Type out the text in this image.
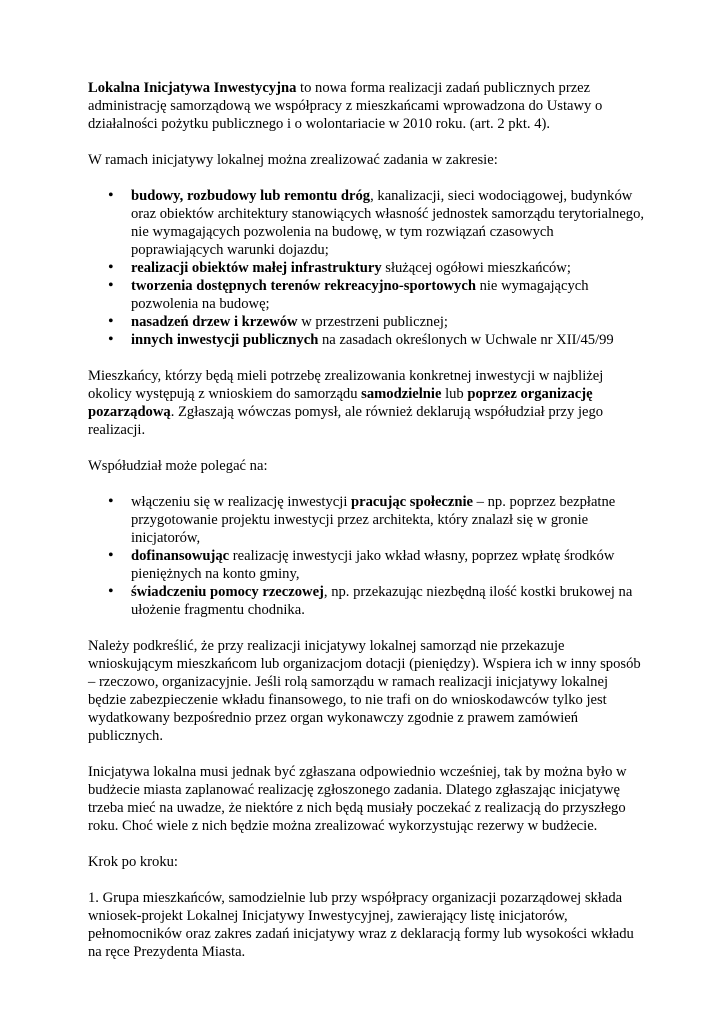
Lokalna Inicjatywa Inwestycyjna to nowa forma realizacji zadań publicznych przez administrację samorządową we współpracy z mieszkańcami wprowadzona do Ustawy o działalności pożytku publicznego i o wolontariacie w 2010 roku. (art. 2 pkt. 4).

W ramach inicjatywy lokalnej można zrealizować zadania w zakresie:

• budowy, rozbudowy lub remontu dróg, kanalizacji, sieci wodociągowej, budynków oraz obiektów architektury stanowiących własność jednostek samorządu terytorialnego, nie wymagających pozwolenia na budowę, w tym rozwiązań czasowych poprawiających warunki dojazdu;
• realizacji obiektów małej infrastruktury służącej ogółowi mieszkańców;
• tworzenia dostępnych terenów rekreacyjno-sportowych nie wymagających pozwolenia na budowę;
• nasadzeń drzew i krzewów w przestrzeni publicznej;
• innych inwestycji publicznych na zasadach określonych w Uchwale nr XII/45/99

Mieszkańcy, którzy będą mieli potrzebę zrealizowania konkretnej inwestycji w najbliżej okolicy występują z wnioskiem do samorządu samodzielnie lub poprzez organizację pozarządową. Zgłaszają wówczas pomysł, ale również deklarują współudział przy jego realizacji.

Współudział może polegać na:

• włączeniu się w realizację inwestycji pracując społecznie – np. poprzez bezpłatne przygotowanie projektu inwestycji przez architekta, który znalazł się w gronie inicjatorów,
• dofinansowując realizację inwestycji jako wkład własny, poprzez wpłatę środków pieniężnych na konto gminy,
• świadczeniu pomocy rzeczowej, np. przekazując niezbędną ilość kostki brukowej na ułożenie fragmentu chodnika.

Należy podkreślić, że przy realizacji inicjatywy lokalnej samorząd nie przekazuje wnioskującym mieszkańcom lub organizacjom dotacji (pieniędzy). Wspiera ich w inny sposób – rzeczowo, organizacyjnie. Jeśli rolą samorządu w ramach realizacji inicjatywy lokalnej będzie zabezpieczenie wkładu finansowego, to nie trafi on do wnioskodawców tylko jest wydatkowany bezpośrednio przez organ wykonawczy zgodnie z prawem zamówień publicznych.

Inicjatywa lokalna musi jednak być zgłaszana odpowiednio wcześniej, tak by można było w budżecie miasta zaplanować realizację zgłoszonego zadania. Dlatego zgłaszając inicjatywę trzeba mieć na uwadze, że niektóre z nich będą musiały poczekać z realizacją do przyszłego roku. Choć wiele z nich będzie można zrealizować wykorzystując rezerwy w budżecie.

Krok po kroku:

1. Grupa mieszkańców, samodzielnie lub przy współpracy organizacji pozarządowej składa wniosek-projekt Lokalnej Inicjatywy Inwestycyjnej, zawierający listę inicjatorów, pełnomocników oraz zakres zadań inicjatywy wraz z deklaracją formy lub wysokości wkładu na ręce Prezydenta Miasta.
